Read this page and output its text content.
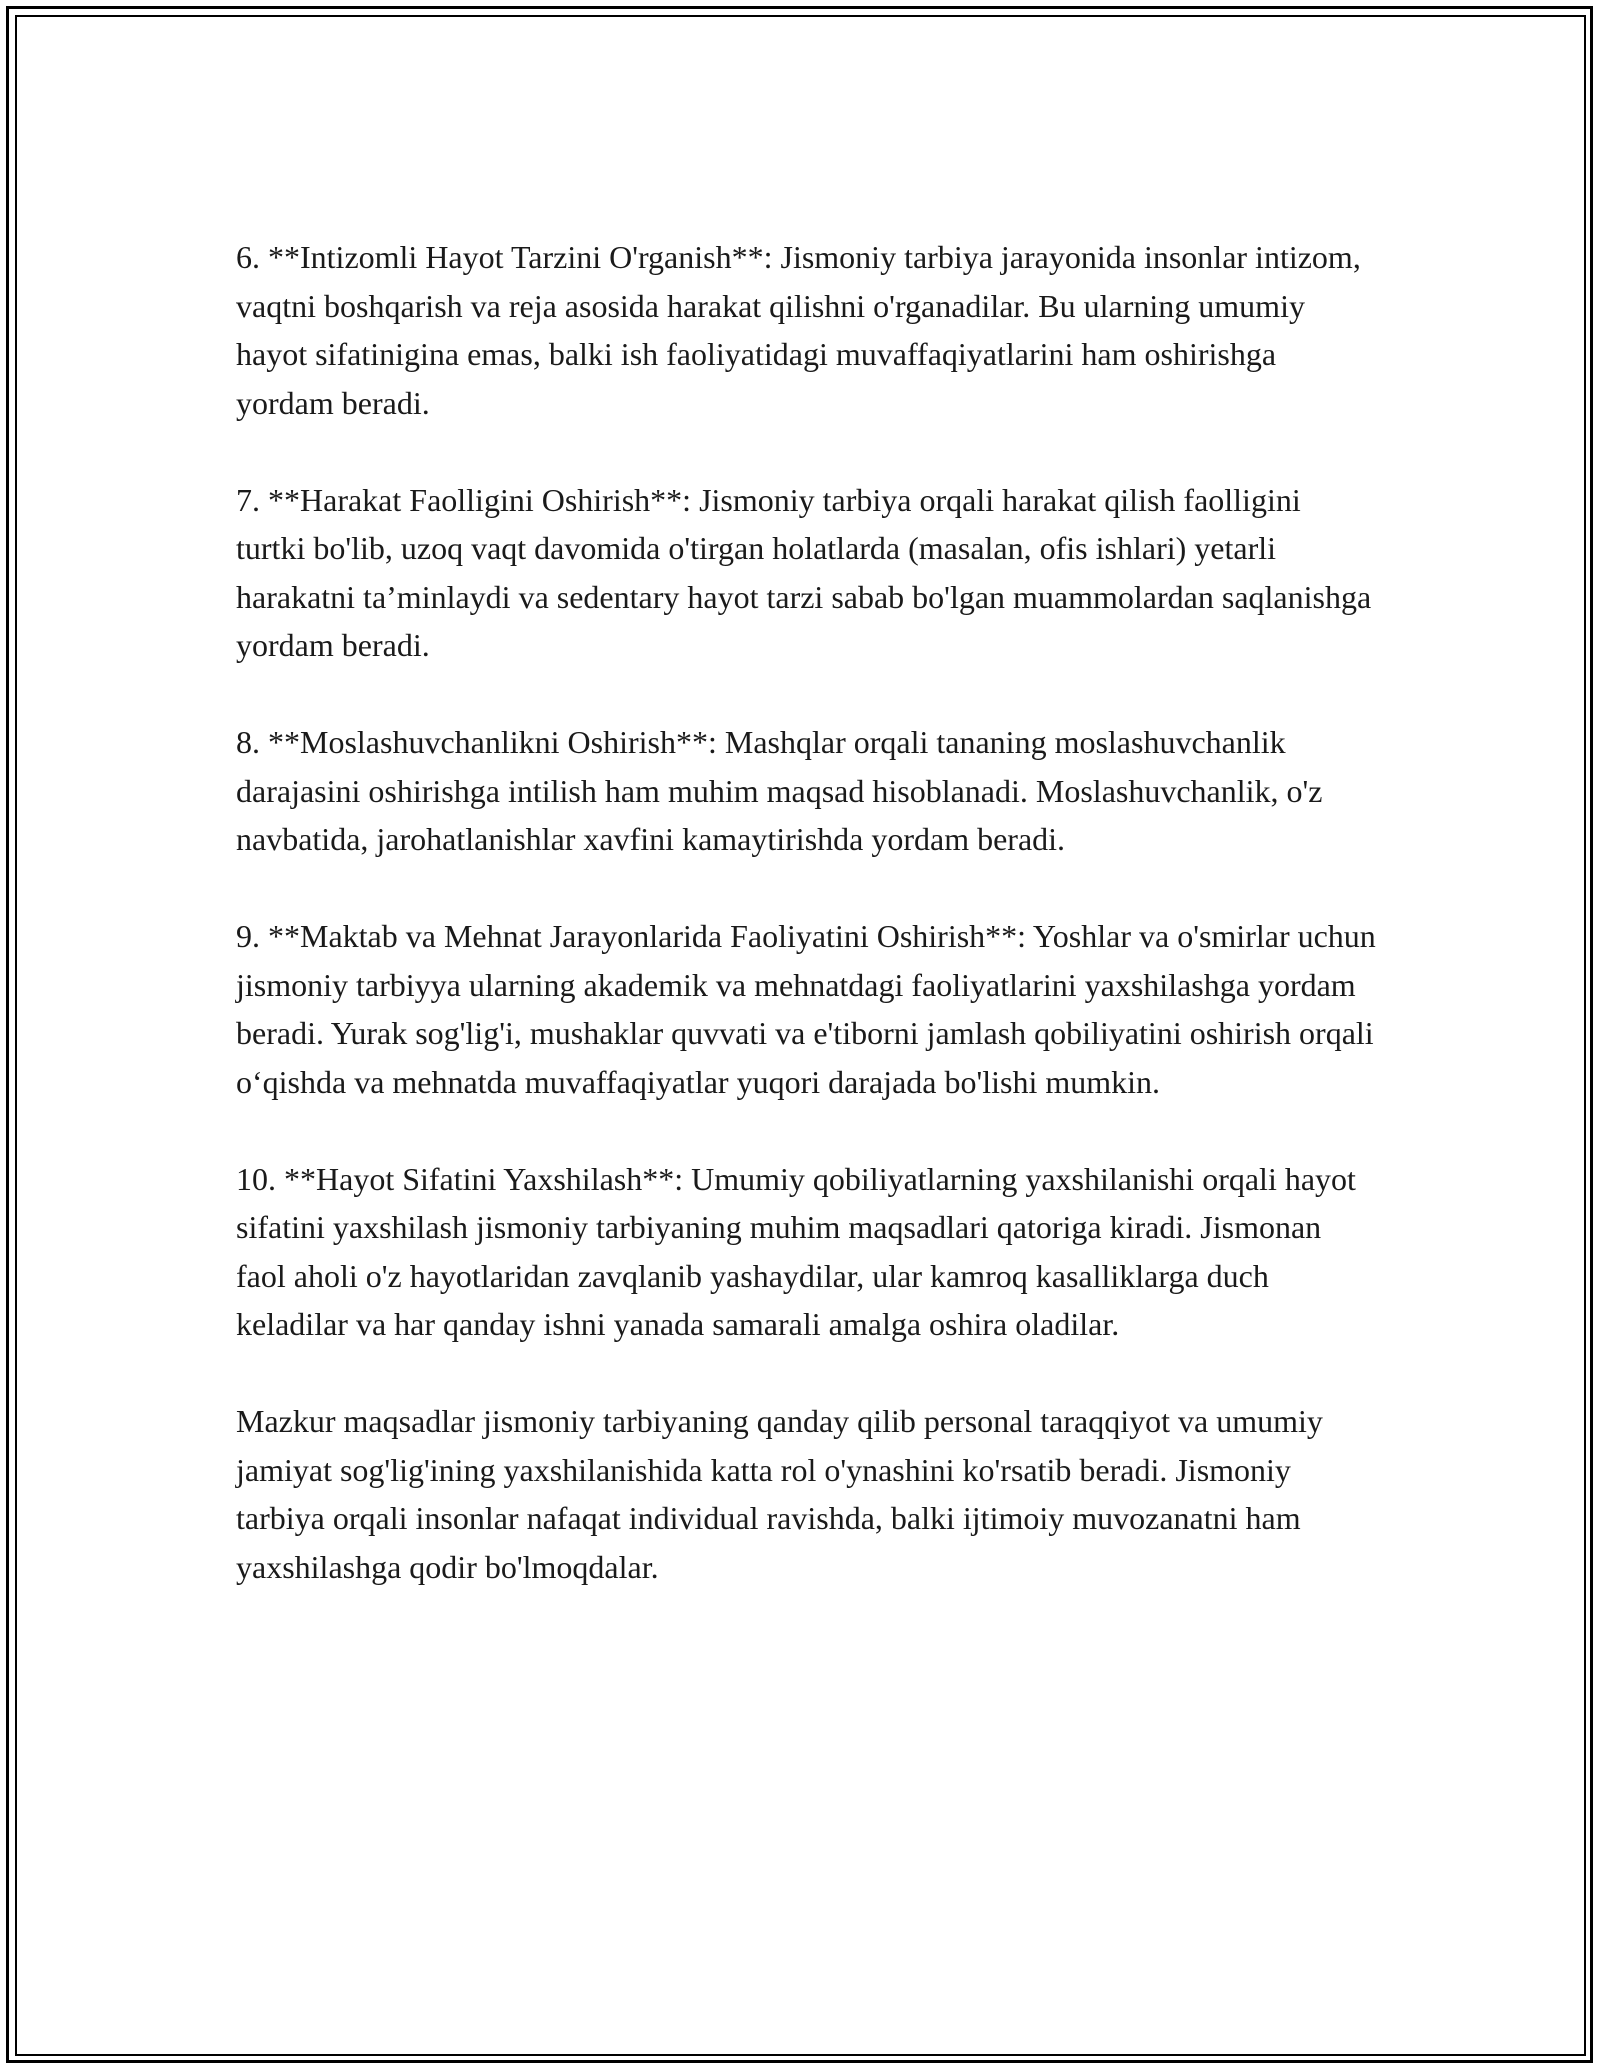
6. **Intizomli Hayot Tarzini O'rganish**: Jismoniy tarbiya jarayonida insonlar intizom, vaqtni boshqarish va reja asosida harakat qilishni o'rganadilar. Bu ularning umumiy hayot sifatinigina emas, balki ish faoliyatidagi muvaffaqiyatlarini ham oshirishga yordam beradi.

7. **Harakat Faolligini Oshirish**: Jismoniy tarbiya orqali harakat qilish faolligini turtki bo'lib, uzoq vaqt davomida o'tirgan holatlarda (masalan, ofis ishlari) yetarli harakatni ta’minlaydi va sedentary hayot tarzi sabab bo'lgan muammolardan saqlanishga yordam beradi.

8. **Moslashuvchanlikni Oshirish**: Mashqlar orqali tananing moslashuvchanlik darajasini oshirishga intilish ham muhim maqsad hisoblanadi. Moslashuvchanlik, o'z navbatida, jarohatlanishlar xavfini kamaytirishda yordam beradi.

9. **Maktab va Mehnat Jarayonlarida Faoliyatini Oshirish**: Yoshlar va o'smirlar uchun jismoniy tarbiyya ularning akademik va mehnatdagi faoliyatlarini yaxshilashga yordam beradi. Yurak sog'lig'i, mushaklar quvvati va e'tiborni jamlash qobiliyatini oshirish orqali o‘qishda va mehnatda muvaffaqiyatlar yuqori darajada bo'lishi mumkin.

10. **Hayot Sifatini Yaxshilash**: Umumiy qobiliyatlarning yaxshilanishi orqali hayot sifatini yaxshilash jismoniy tarbiyaning muhim maqsadlari qatoriga kiradi. Jismonan faol aholi o'z hayotlaridan zavqlanib yashaydilar, ular kamroq kasalliklarga duch keladilar va har qanday ishni yanada samarali amalga oshira oladilar.

Mazkur maqsadlar jismoniy tarbiyaning qanday qilib personal taraqqiyot va umumiy jamiyat sog'lig'ining yaxshilanishida katta rol o'ynashini ko'rsatib beradi. Jismoniy tarbiya orqali insonlar nafaqat individual ravishda, balki ijtimoiy muvozanatni ham yaxshilashga qodir bo'lmoqdalar.
